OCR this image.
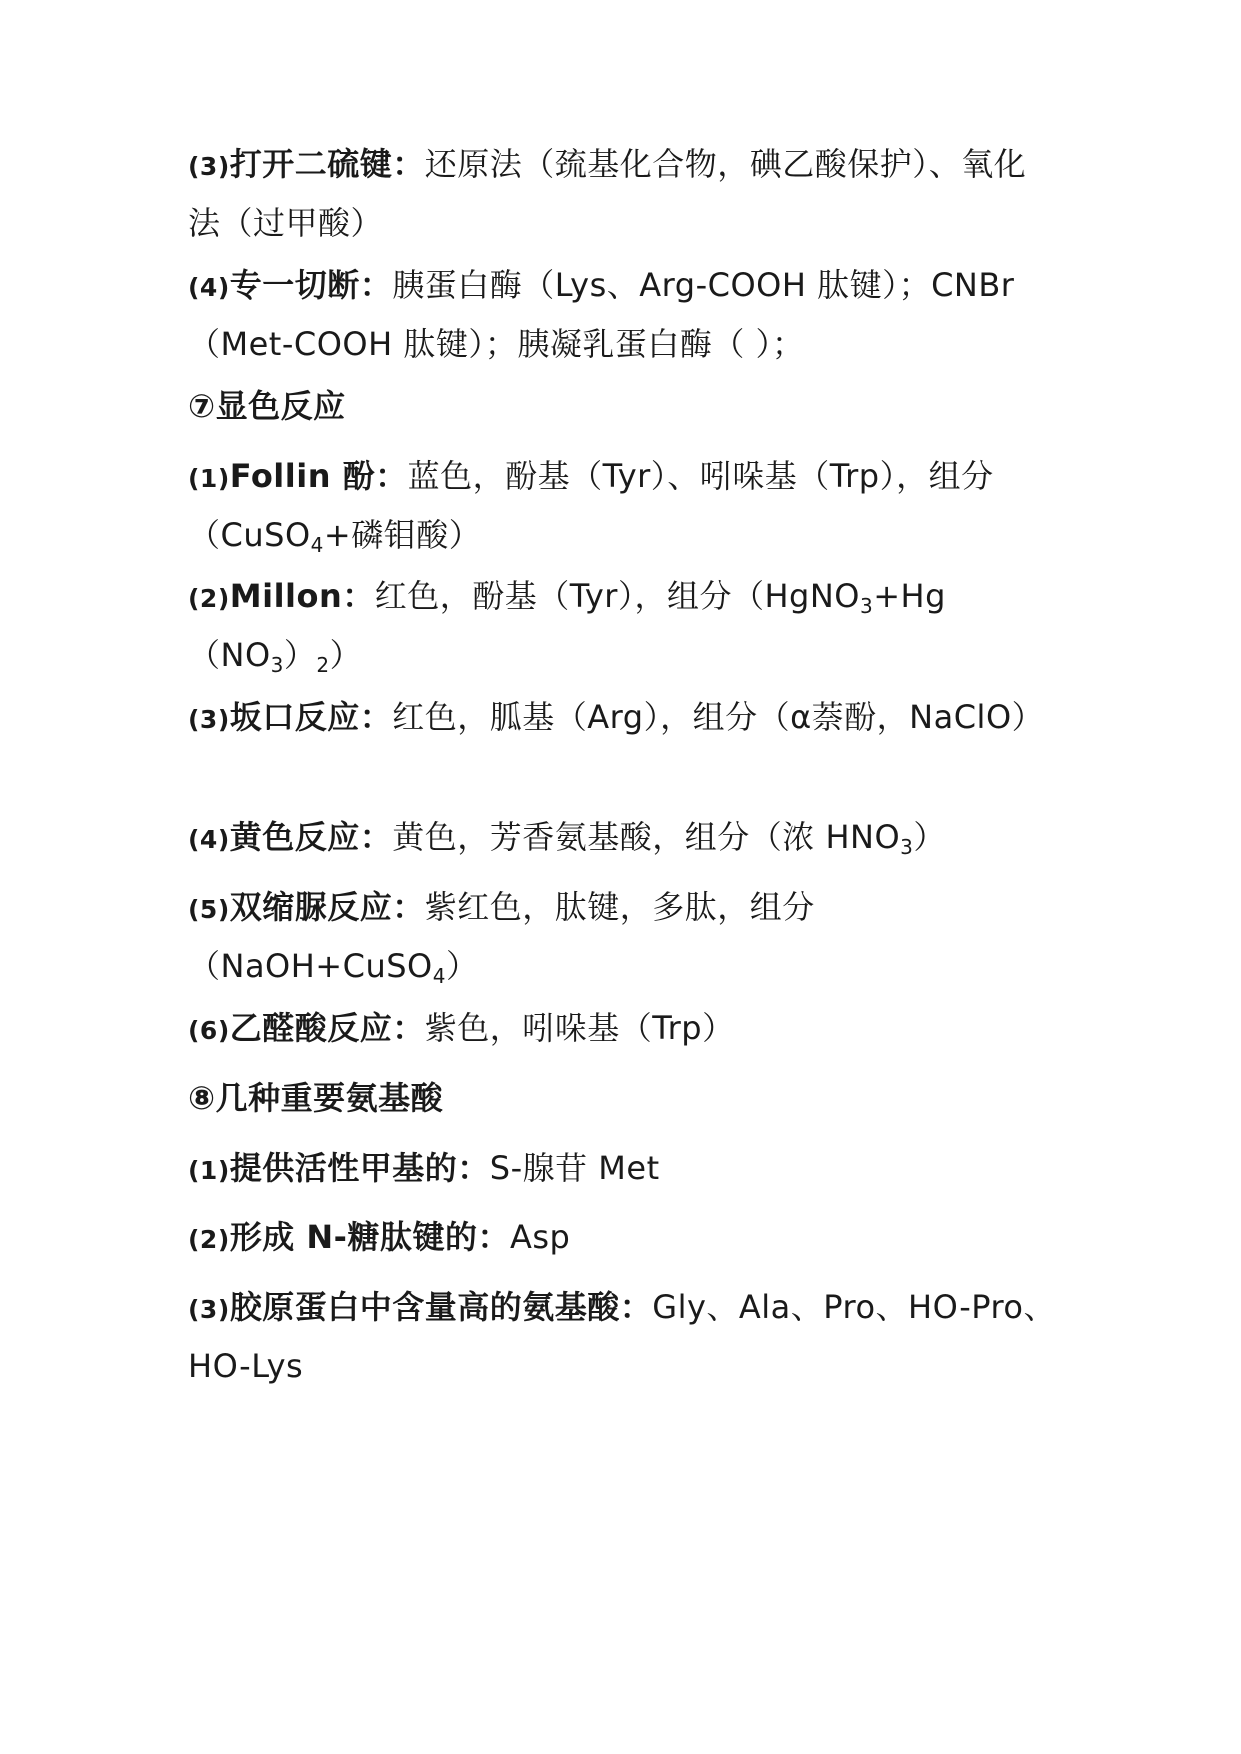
(3)打开二硫键：还原法（巯基化合物，碘乙酸保护）、氧化法（过甲酸）

(4)专一切断：胰蛋白酶（Lys、Arg-COOH 肽键）；CNBr（Met-COOH 肽键）；胰凝乳蛋白酶（ ）；

⑦显色反应

(1)Follin 酚：蓝色，酚基（Tyr）、吲哚基（Trp），组分（CuSO$_4$+磷钼酸）

(2)Millon：红色，酚基（Tyr），组分$(HgNO_3+Hg(NO_3)_2)$

(3)坂口反应：红色，胍基（Arg），组分（α萘酚，NaClO）

(4)黄色反应：黄色，芳香氨基酸，组分（浓 $HNO_3$）

(5)双缩脲反应：紫红色，肽键，多肽，组分（NaOH+CuSO$_4$）

(6)乙醛酸反应：紫色，吲哚基（Trp）

⑧几种重要氨基酸

(1)提供活性甲基的：S-腺苷 Met

(2)形成 N-糖肽键的：Asp

(3)胶原蛋白中含量高的氨基酸：Gly、Ala、Pro、HO-Pro、HO-Lys
